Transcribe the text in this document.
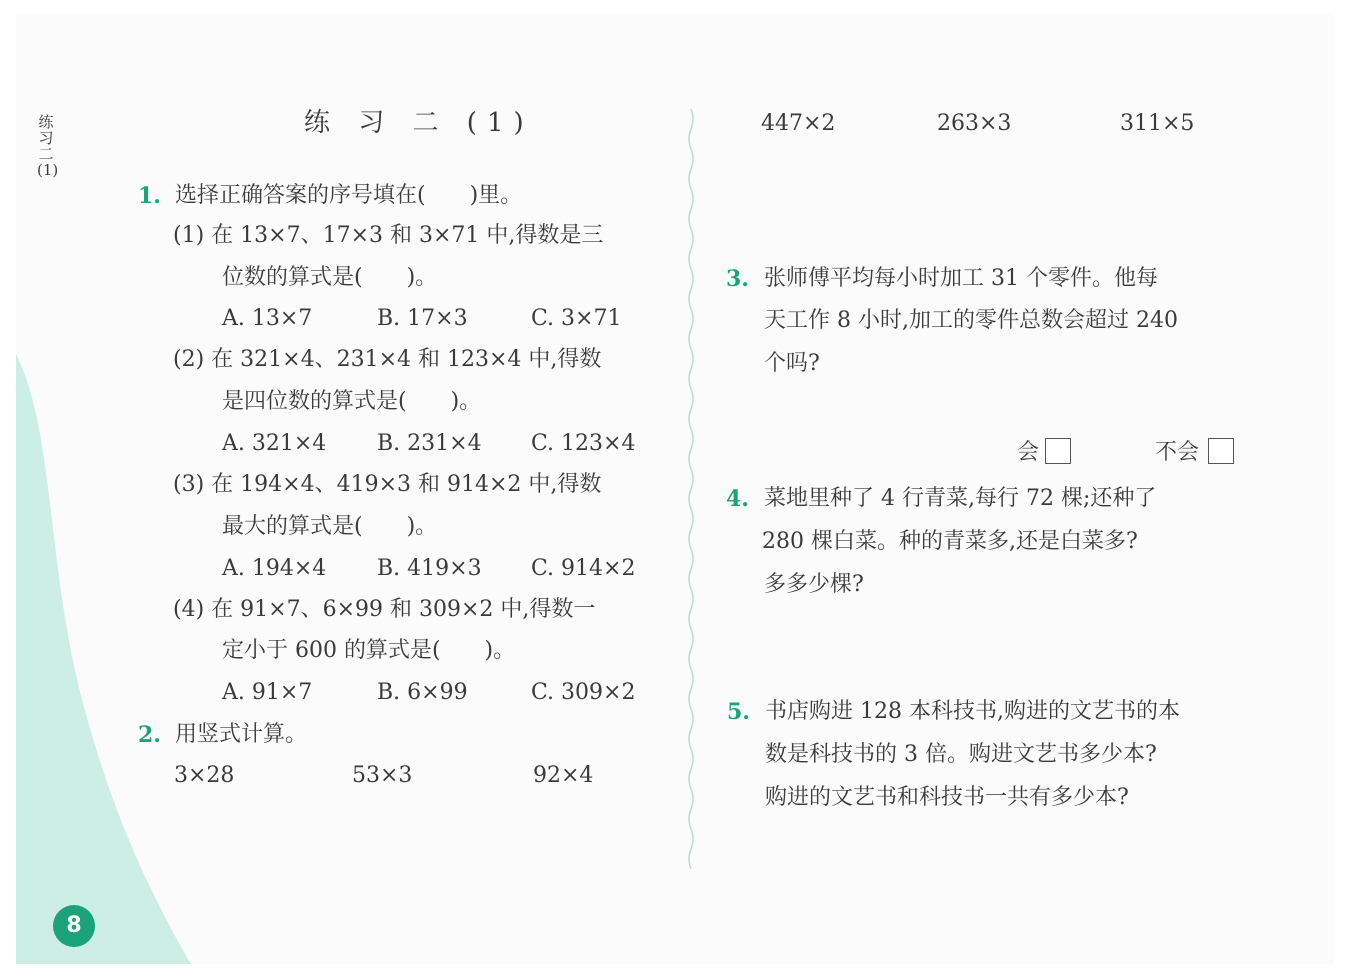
练习二(1)
8
练 习 二 (1)
1. 选择正确答案的序号填在(　　)里。
(1) 在 13×7、17×3 和 3×71 中,得数是三
位数的算式是(　　)。
A. 13×7	B. 17×3	C. 3×71
(2) 在 321×4、231×4 和 123×4 中,得数
是四位数的算式是(　　)。
A. 321×4 B. 231×4 C. 123×4
(3) 在 194×4、419×3 和 914×2 中,得数
最大的算式是(　　)。
A. 194×4 B. 419×3 C. 914×2
(4) 在 91×7、6×99 和 309×2 中,得数一
定小于 600 的算式是(　　)。
A. 91×7	B. 6×99	C. 309×2
2. 用竖式计算。
3×28	53×3	92×4
447×2	263×3	311×5
3. 张师傅平均每小时加工 31 个零件。他每
天工作 8 小时,加工的零件总数会超过 240
个吗?
会	不会
4. 菜地里种了 4 行青菜,每行 72 棵;还种了
280 棵白菜。种的青菜多,还是白菜多?
多多少棵?
5. 书店购进 128 本科技书,购进的文艺书的本
数是科技书的 3 倍。购进文艺书多少本?
购进的文艺书和科技书一共有多少本?
